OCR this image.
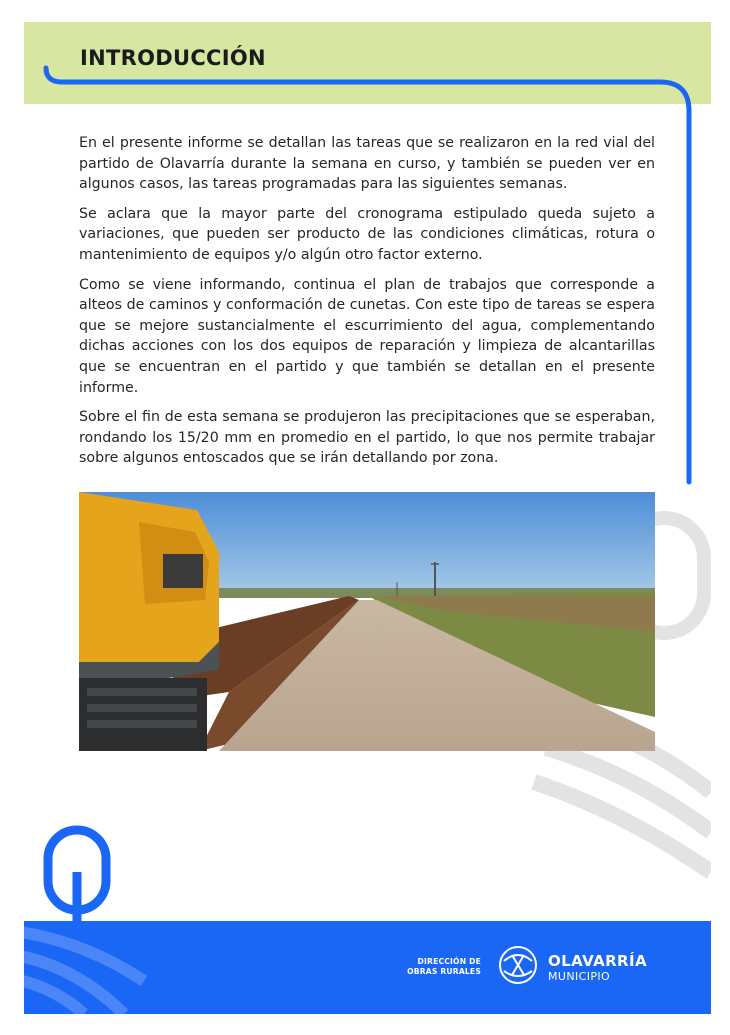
INTRODUCCIÓN

En el presente informe se detallan las tareas que se realizaron en la red vial del partido de Olavarría durante la semana en curso, y también se pueden ver en algunos casos, las tareas programadas para las siguientes semanas.

Se aclara que la mayor parte del cronograma estipulado queda sujeto a variaciones, que pueden ser producto de las condiciones climáticas, rotura o mantenimiento de equipos y/o algún otro factor externo.

Como se viene informando, continua el plan de trabajos que corresponde a alteos de caminos y conformación de cunetas. Con este tipo de tareas se espera que se mejore sustancialmente el escurrimiento del agua, complementando dichas acciones con los dos equipos de reparación y limpieza de alcantarillas que se encuentran en el partido y que también se detallan en el presente informe.

Sobre el fin de esta semana se produjeron las precipitaciones que se esperaban, rondando los 15/20 mm en promedio en el partido, lo que nos permite trabajar sobre algunos entoscados que se irán detallando por zona.

DIRECCIÓN DE
OBRAS RURALES
OLAVARRÍA
MUNICIPIO
